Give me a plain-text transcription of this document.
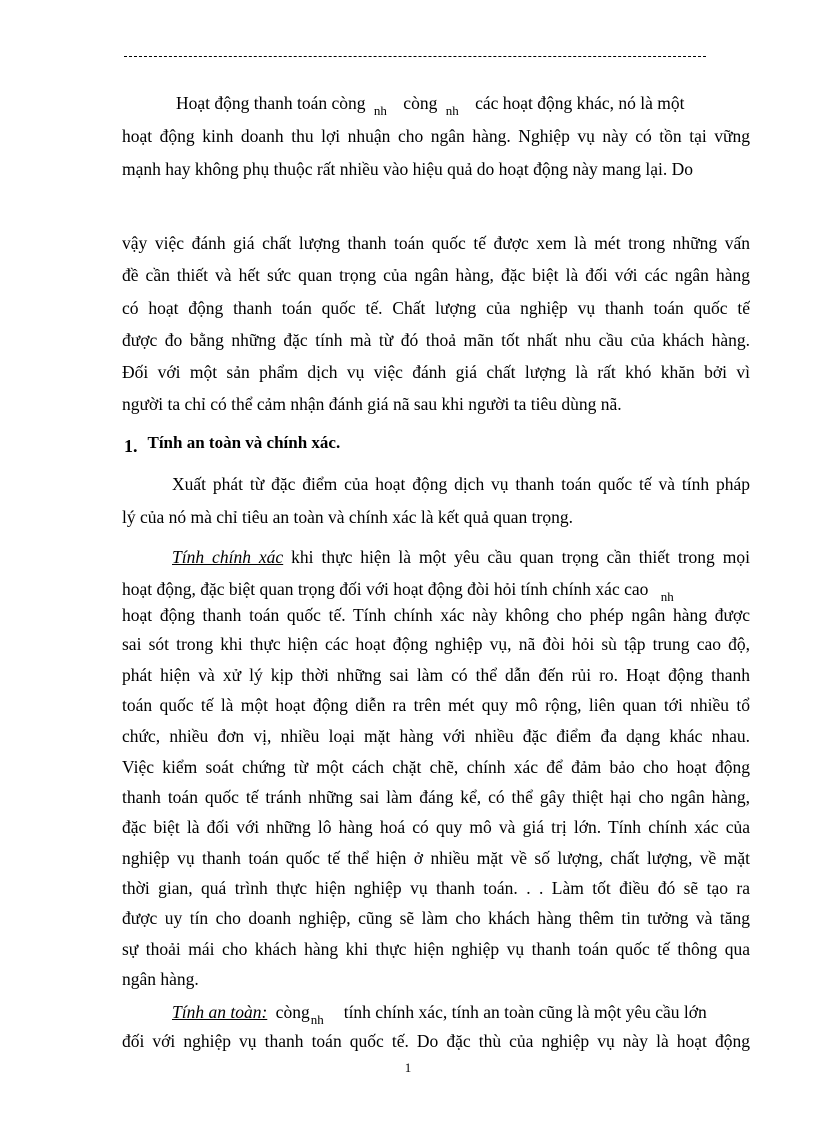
Hoạt động thanh toán còng $_{nh}$ còng $_{nh}$ các hoạt động khác, nó là một
hoạt động kinh doanh thu lợi nhuận cho ngân hàng. Nghiệp vụ này có tồn tại vững
mạnh hay không phụ thuộc rất nhiều vào hiệu quả do hoạt động này mang lại. Do
vậy việc đánh giá chất lượng thanh toán quốc tế được xem là mét trong những vấn
đề cần thiết và hết sức quan trọng của ngân hàng, đặc biệt là đối với các ngân hàng
có hoạt động thanh toán quốc tế. Chất lượng của nghiệp vụ thanh toán quốc tế
được đo bằng những đặc tính mà từ đó thoả mãn tốt nhất nhu cầu của khách hàng.
Đối với một sản phẩm dịch vụ việc đánh giá chất lượng là rất khó khăn bởi vì
người ta chỉ có thể cảm nhận đánh giá nã sau khi người ta tiêu dùng nã.
1. Tính an toàn và chính xác.
Xuất phát từ đặc điểm của hoạt động dịch vụ thanh toán quốc tế và tính pháp
lý của nó mà chỉ tiêu an toàn và chính xác là kết quả quan trọng.
Tính chính xác khi thực hiện là một yêu cầu quan trọng cần thiết trong mọi
hoạt động, đặc biệt quan trọng đối với hoạt động đòi hỏi tính chính xác cao $_{nh}$
hoạt động thanh toán quốc tế. Tính chính xác này không cho phép ngân hàng được
sai sót trong khi thực hiện các hoạt động nghiệp vụ, nã đòi hỏi sù tập trung cao độ,
phát hiện và xử lý kịp thời những sai làm có thể dẫn đến rủi ro. Hoạt động thanh
toán quốc tế là một hoạt động diễn ra trên mét quy mô rộng, liên quan tới nhiều tổ
chức, nhiều đơn vị, nhiều loại mặt hàng với nhiều đặc điểm đa dạng khác nhau.
Việc kiểm soát chứng từ một cách chặt chẽ, chính xác để đảm bảo cho hoạt động
thanh toán quốc tế tránh những sai làm đáng kể, có thể gây thiệt hại cho ngân hàng,
đặc biệt là đối với những lô hàng hoá có quy mô và giá trị lớn. Tính chính xác của
nghiệp vụ thanh toán quốc tế thể hiện ở nhiều mặt về số lượng, chất lượng, về mặt
thời gian, quá trình thực hiện nghiệp vụ thanh toán. . . Làm tốt điều đó sẽ tạo ra
được uy tín cho doanh nghiệp, cũng sẽ làm cho khách hàng thêm tin tưởng và tăng
sự thoải mái cho khách hàng khi thực hiện nghiệp vụ thanh toán quốc tế thông qua
ngân hàng.
Tính an toàn: còng$_{nh}$ tính chính xác, tính an toàn cũng là một yêu cầu lớn
đối với nghiệp vụ thanh toán quốc tế. Do đặc thù của nghiệp vụ này là hoạt động
1
